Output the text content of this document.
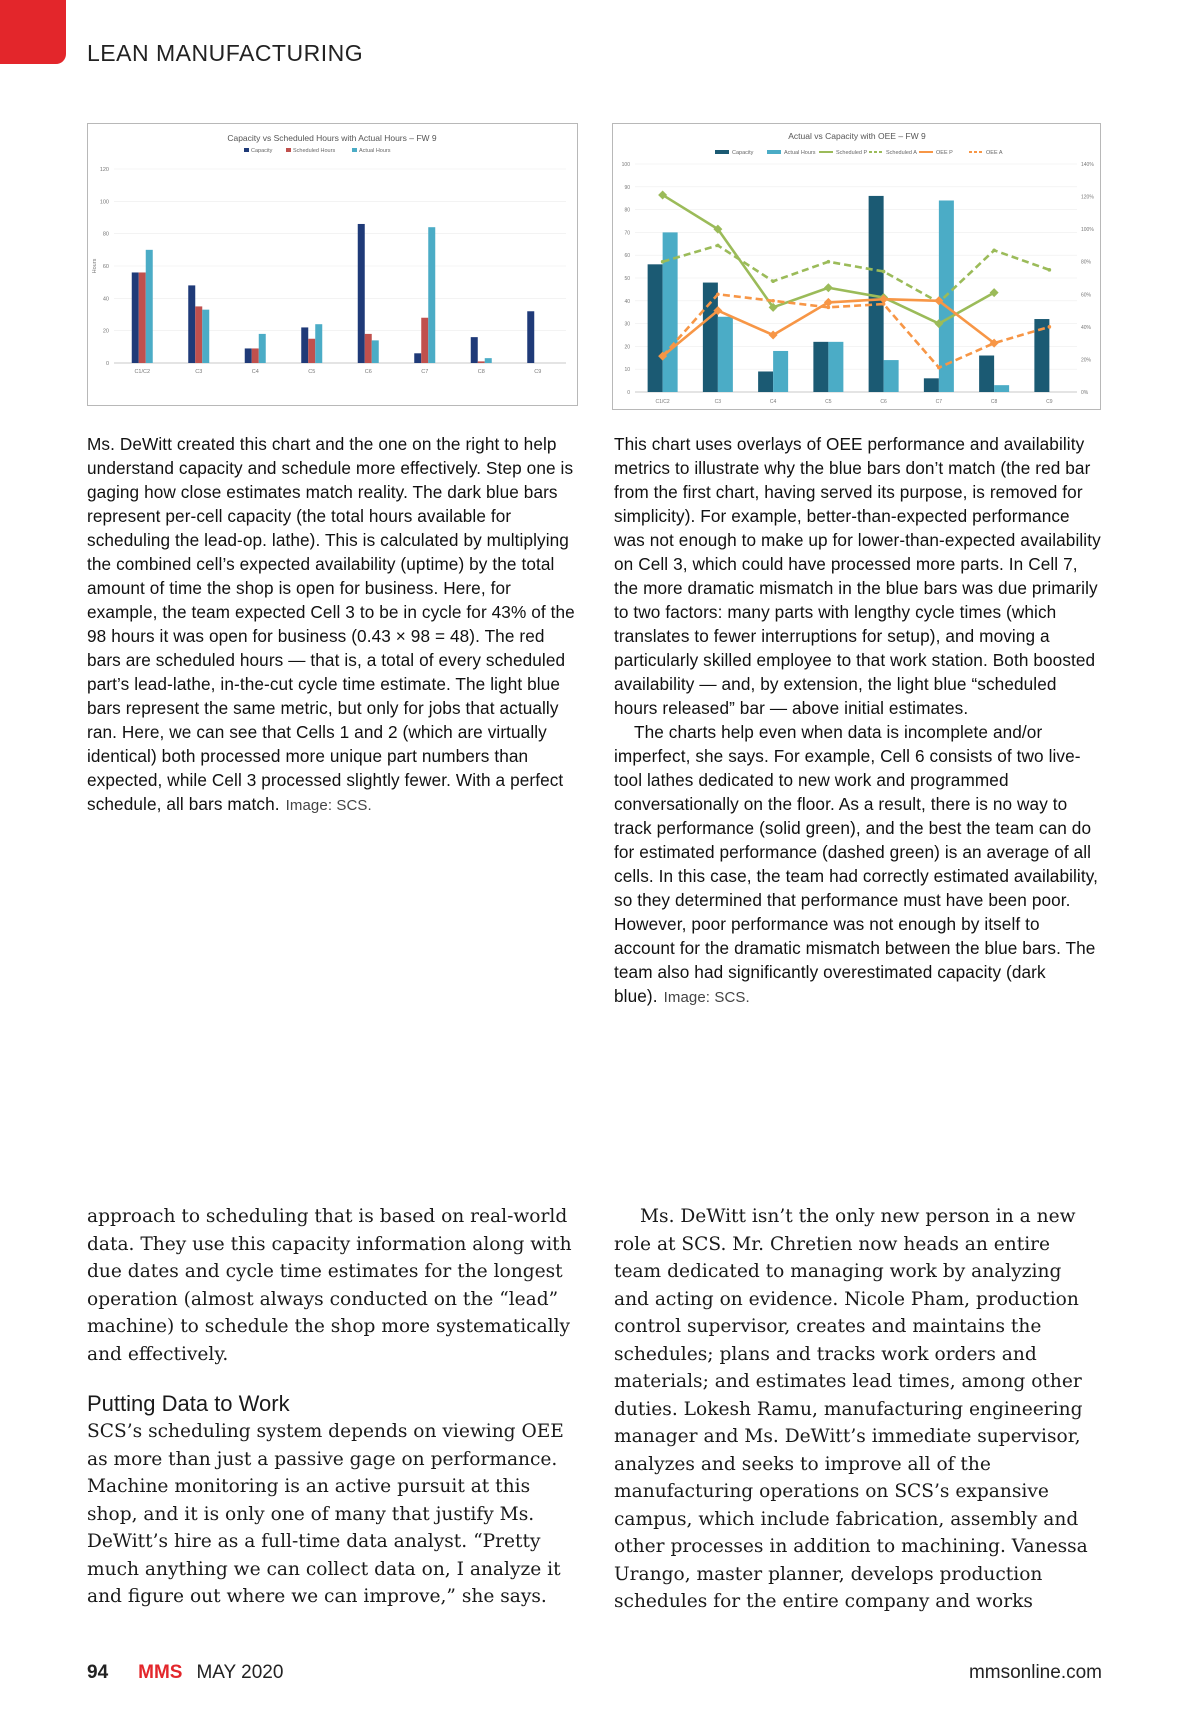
LEAN MANUFACTURING
Capacity vs Scheduled Hours with Actual Hours – FW 9
Capacity	Scheduled Hours	Actual Hours
0
20
40
60
80
100
120
Hours
C1/C2	C3	C4	C5	C6	C7	C8	C9
Actual vs Capacity with OEE – FW 9
Capacity	Actual Hours	Scheduled P	Scheduled A	OEE P	OEE A
0
10
20
30
40
50
60
70
80
90
100
0%
20%
40%
60%
80%
100%
120%
140%
C1/C2	C3	C4	C5	C6	C7	C8	C9

Ms. DeWitt created this chart and the one on the right to help understand capacity and schedule more effectively. Step one is gaging how close estimates match reality. The dark blue bars represent per-cell capacity (the total hours available for scheduling the lead-op. lathe). This is calculated by multiplying the combined cell’s expected availability (uptime) by the total amount of time the shop is open for business. Here, for example, the team expected Cell 3 to be in cycle for 43% of the 98 hours it was open for business (0.43 × 98 = 48). The red bars are scheduled hours — that is, a total of every scheduled part’s lead-lathe, in-the-cut cycle time estimate. The light blue bars represent the same metric, but only for jobs that actually ran. Here, we can see that Cells 1 and 2 (which are virtually identical) both processed more unique part numbers than expected, while Cell 3 processed slightly fewer. With a perfect schedule, all bars match. Image: SCS.

This chart uses overlays of OEE performance and availability metrics to illustrate why the blue bars don’t match (the red bar from the first chart, having served its purpose, is removed for simplicity). For example, better-than-expected performance was not enough to make up for lower-than-expected availability on Cell 3, which could have processed more parts. In Cell 7, the more dramatic mismatch in the blue bars was due primarily to two factors: many parts with lengthy cycle times (which translates to fewer interruptions for setup), and moving a particularly skilled employee to that work station. Both boosted availability — and, by extension, the light blue “scheduled hours released” bar — above initial estimates.

The charts help even when data is incomplete and/or imperfect, she says. For example, Cell 6 consists of two live-tool lathes dedicated to new work and programmed conversationally on the floor. As a result, there is no way to track performance (solid green), and the best the team can do for estimated performance (dashed green) is an average of all cells. In this case, the team had correctly estimated availability, so they determined that performance must have been poor. However, poor performance was not enough by itself to account for the dramatic mismatch between the blue bars. The team also had significantly overestimated capacity (dark blue). Image: SCS.

approach to scheduling that is based on real-world data. They use this capacity information along with due dates and cycle time estimates for the longest operation (almost always conducted on the “lead” machine) to schedule the shop more systematically and effectively.

Putting Data to Work

SCS’s scheduling system depends on viewing OEE as more than just a passive gage on performance. Machine monitoring is an active pursuit at this shop, and it is only one of many that justify Ms. DeWitt’s hire as a full-time data analyst. “Pretty much anything we can collect data on, I analyze it and figure out where we can improve,” she says.

Ms. DeWitt isn’t the only new person in a new role at SCS. Mr. Chretien now heads an entire team dedicated to managing work by analyzing and acting on evidence. Nicole Pham, production control supervisor, creates and maintains the schedules; plans and tracks work orders and materials; and estimates lead times, among other duties. Lokesh Ramu, manufacturing engineering manager and Ms. DeWitt’s immediate supervisor, analyzes and seeks to improve all of the manufacturing operations on SCS’s expansive campus, which include fabrication, assembly and other processes in addition to machining. Vanessa Urango, master planner, develops production schedules for the entire company and works

94 MMS MAY 2020	mmsonline.com
